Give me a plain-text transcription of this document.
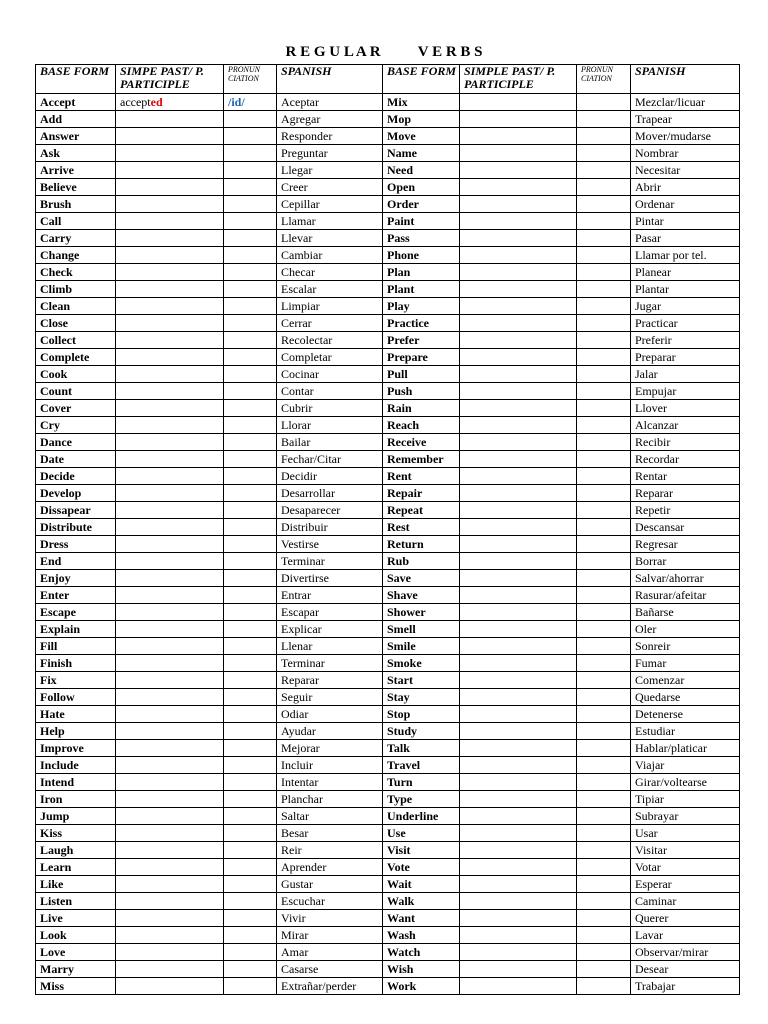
R E G U L A R          V E R B S
BASE FORM	SIMPE PAST/ P. PARTICIPLE	PRONUN CIATION	SPANISH	BASE FORM	SIMPLE PAST/ P. PARTICIPLE	PRONUN CIATION	SPANISH
Accept	accepted	/id/	Aceptar	Mix			Mezclar/licuar
Add			Agregar	Mop			Trapear
Answer			Responder	Move			Mover/mudarse
Ask			Preguntar	Name			Nombrar
Arrive			Llegar	Need			Necesitar
Believe			Creer	Open			Abrir
Brush			Cepillar	Order			Ordenar
Call			Llamar	Paint			Pintar
Carry			Llevar	Pass			Pasar
Change			Cambiar	Phone			Llamar por tel.
Check			Checar	Plan			Planear
Climb			Escalar	Plant			Plantar
Clean			Limpiar	Play			Jugar
Close			Cerrar	Practice			Practicar
Collect			Recolectar	Prefer			Preferir
Complete			Completar	Prepare			Preparar
Cook			Cocinar	Pull			Jalar
Count			Contar	Push			Empujar
Cover			Cubrir	Rain			Llover
Cry			Llorar	Reach			Alcanzar
Dance			Bailar	Receive			Recibir
Date			Fechar/Citar	Remember			Recordar
Decide			Decidir	Rent			Rentar
Develop			Desarrollar	Repair			Reparar
Dissapear			Desaparecer	Repeat			Repetir
Distribute			Distribuir	Rest			Descansar
Dress			Vestirse	Return			Regresar
End			Terminar	Rub			Borrar
Enjoy			Divertirse	Save			Salvar/ahorrar
Enter			Entrar	Shave			Rasurar/afeitar
Escape			Escapar	Shower			Bañarse
Explain			Explicar	Smell			Oler
Fill			Llenar	Smile			Sonreir
Finish			Terminar	Smoke			Fumar
Fix			Reparar	Start			Comenzar
Follow			Seguir	Stay			Quedarse
Hate			Odiar	Stop			Detenerse
Help			Ayudar	Study			Estudiar
Improve			Mejorar	Talk			Hablar/platicar
Include			Incluir	Travel			Viajar
Intend			Intentar	Turn			Girar/voltearse
Iron			Planchar	Type			Tipiar
Jump			Saltar	Underline			Subrayar
Kiss			Besar	Use			Usar
Laugh			Reir	Visit			Visitar
Learn			Aprender	Vote			Votar
Like			Gustar	Wait			Esperar
Listen			Escuchar	Walk			Caminar
Live			Vivir	Want			Querer
Look			Mirar	Wash			Lavar
Love			Amar	Watch			Observar/mirar
Marry			Casarse	Wish			Desear
Miss			Extrañar/perder	Work			Trabajar
